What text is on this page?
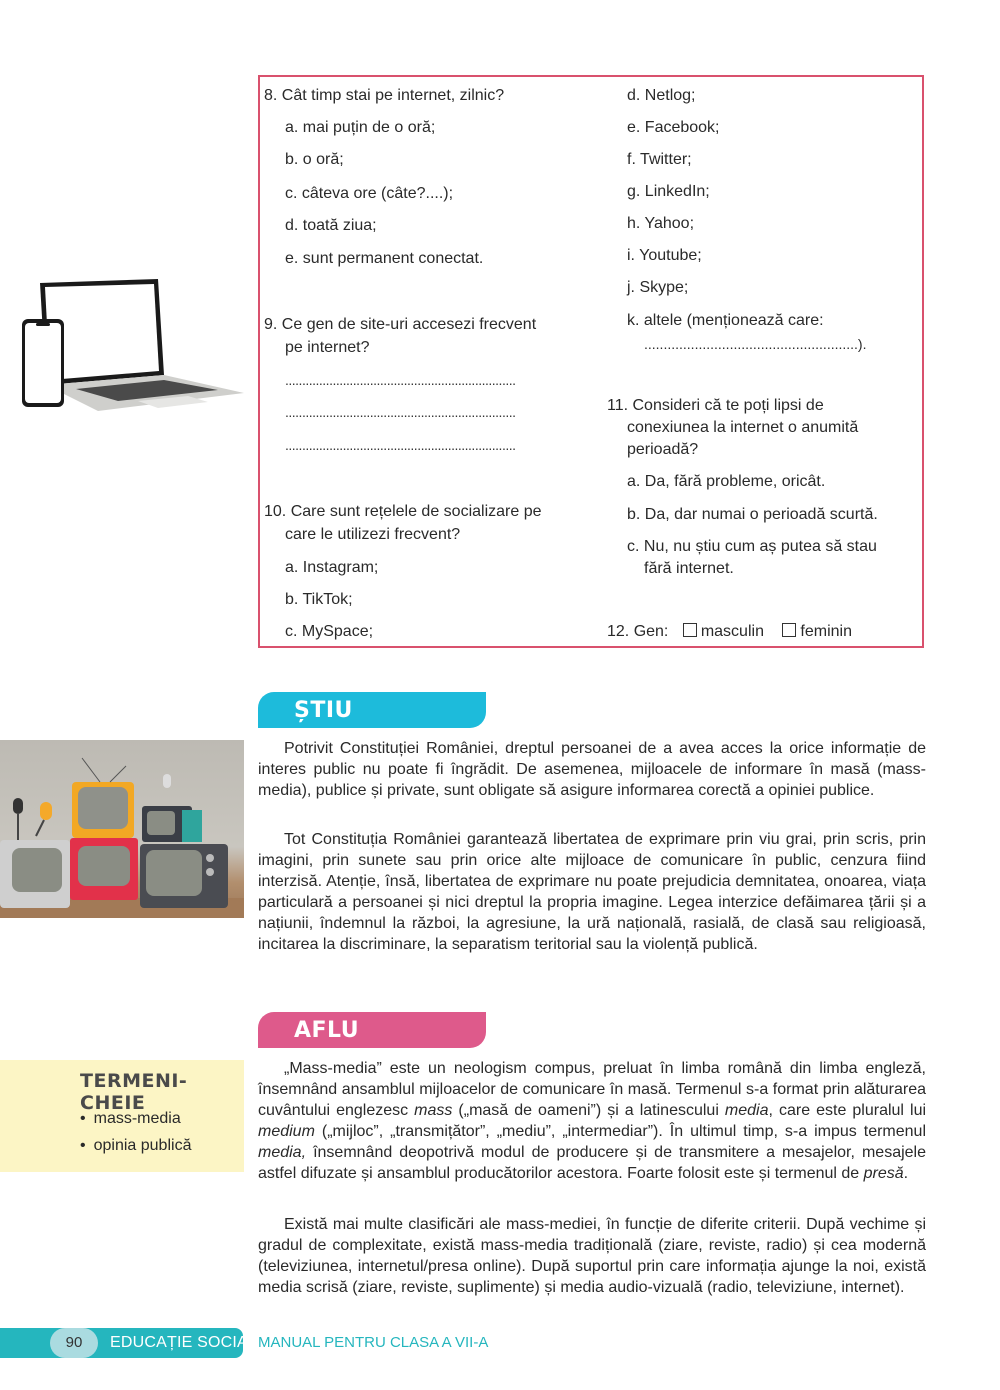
8. Cât timp stai pe internet, zilnic?
a. mai puțin de o oră;
b. o oră;
c. câteva ore (câte?....);
d. toată ziua;
e. sunt permanent conectat.
9. Ce gen de site-uri accesezi frecvent
pe internet?
....................................................................
....................................................................
....................................................................
10. Care sunt rețelele de socializare pe
care le utilizezi frecvent?
a. Instagram;
b. TikTok;
c. MySpace;
d. Netlog;
e. Facebook;
f. Twitter;
g. LinkedIn;
h. Yahoo;
i. Youtube;
j. Skype;
k. altele (menționează care:
.......................................................).
11. Consideri că te poți lipsi de
conexiunea la internet o anumită
perioadă?
a. Da, fără probleme, oricât.
b. Da, dar numai o perioadă scurtă.
c. Nu, nu știu cum aș putea să stau
fără internet.
12. Gen: masculin feminin
ȘTIU

Potrivit Constituției României, dreptul persoanei de a avea acces la orice informație de interes public nu poate fi îngrădit. De asemenea, mijloacele de informare în masă (mass-media), publice și private, sunt obligate să asigure informarea corectă a opiniei publice.

Tot Constituția României garantează libertatea de exprimare prin viu grai, prin scris, prin imagini, prin sunete sau prin orice alte mijloace de comunicare în public, cenzura fiind interzisă. Atenție, însă, libertatea de exprimare nu poate prejudicia demnitatea, onoarea, viața particulară a persoanei și nici dreptul la propria imagine. Legea interzice defăimarea țării și a națiunii, îndemnul la război, la agresiune, la ură națională, rasială, de clasă sau religioasă, incitarea la discriminare, la separatism teritorial sau la violență publică.

AFLU

„Mass-media” este un neologism compus, preluat în limba română din limba engleză, însemnând ansamblul mijloacelor de comunicare în masă. Termenul s-a format prin alăturarea cuvântului englezesc mass („masă de oameni”) și a latinescului media, care este pluralul lui medium („mijloc”, „transmițător”, „mediu”, „intermediar”). În ultimul timp, s-a impus termenul media, însemnând deopotrivă modul de producere și de transmitere a mesajelor, mesajele astfel difuzate și ansamblul producătorilor acestora. Foarte folosit este și termenul de presă.

Există mai multe clasificări ale mass-mediei, în funcție de diferite criterii. După vechime și gradul de complexitate, există mass-media tradițională (ziare, reviste, radio) și cea modernă (televiziunea, internetul/presa online). După suportul prin care informația ajunge la noi, există media scrisă (ziare, reviste, suplimente) și media audio-vizuală (radio, televiziune, internet).

TERMENI-CHEIE
• mass-media
• opinia publică
90	EDUCAȚIE SOCIALĂ
MANUAL PENTRU CLASA A VII-A
